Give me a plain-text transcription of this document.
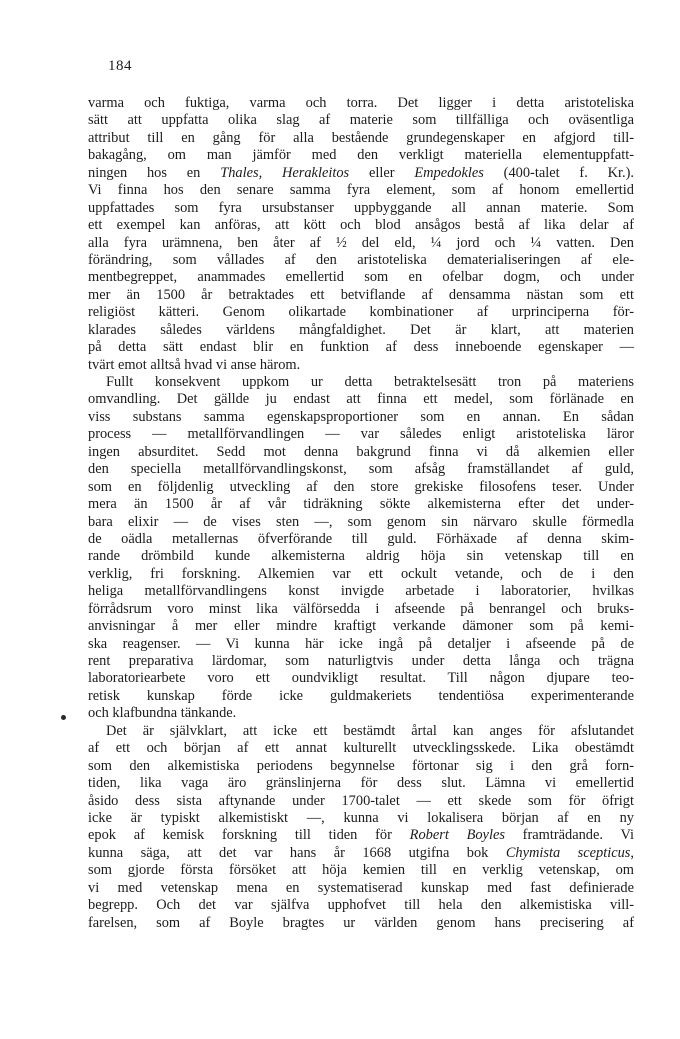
184
varma och fuktiga, varma och torra. Det ligger i detta aristoteliska
sätt att uppfatta olika slag af materie som tillfälliga och oväsentliga
attribut till en gång för alla bestående grundegenskaper en afgjord till-
bakagång, om man jämför med den verkligt materiella elementuppfatt-
ningen hos en Thales, Herakleitos eller Empedokles (400-talet f. Kr.).
Vi finna hos den senare samma fyra element, som af honom emellertid
uppfattades som fyra ursubstanser uppbyggande all annan materie. Som
ett exempel kan anföras, att kött och blod ansågos bestå af lika delar af
alla fyra urämnena, ben åter af ½ del eld, ¼ jord och ¼ vatten. Den
förändring, som vållades af den aristoteliska dematerialiseringen af ele-
mentbegreppet, anammades emellertid som en ofelbar dogm, och under
mer än 1500 år betraktades ett betviflande af densamma nästan som ett
religiöst kätteri. Genom olikartade kombinationer af urprinciperna för-
klarades således världens mångfaldighet. Det är klart, att materien
på detta sätt endast blir en funktion af dess inneboende egenskaper —
tvärt emot alltså hvad vi anse härom.
Fullt konsekvent uppkom ur detta betraktelsesätt tron på materiens
omvandling. Det gällde ju endast att finna ett medel, som förlänade en
viss substans samma egenskapsproportioner som en annan. En sådan
process — metallförvandlingen — var således enligt aristoteliska läror
ingen absurditet. Sedd mot denna bakgrund finna vi då alkemien eller
den speciella metallförvandlingskonst, som afsåg framställandet af guld,
som en följdenlig utveckling af den store grekiske filosofens teser. Under
mera än 1500 år af vår tidräkning sökte alkemisterna efter det under-
bara elixir — de vises sten —, som genom sin närvaro skulle förmedla
de oädla metallernas öfverförande till guld. Förhäxade af denna skim-
rande drömbild kunde alkemisterna aldrig höja sin vetenskap till en
verklig, fri forskning. Alkemien var ett ockult vetande, och de i den
heliga metallförvandlingens konst invigde arbetade i laboratorier, hvilkas
förrådsrum voro minst lika välförsedda i afseende på benrangel och bruks-
anvisningar å mer eller mindre kraftigt verkande dämoner som på kemi-
ska reagenser. — Vi kunna här icke ingå på detaljer i afseende på de
rent preparativa lärdomar, som naturligtvis under detta långa och trägna
laboratoriearbete voro ett oundvikligt resultat. Till någon djupare teo-
retisk kunskap förde icke guldmakeriets tendentiösa experimenterande
och klafbundna tänkande.
Det är självklart, att icke ett bestämdt årtal kan anges för afslutandet
af ett och början af ett annat kulturellt utvecklingsskede. Lika obestämdt
som den alkemistiska periodens begynnelse förtonar sig i den grå forn-
tiden, lika vaga äro gränslinjerna för dess slut. Lämna vi emellertid
åsido dess sista aftynande under 1700-talet — ett skede som för öfrigt
icke är typiskt alkemistiskt —, kunna vi lokalisera början af en ny
epok af kemisk forskning till tiden för Robert Boyles framträdande. Vi
kunna säga, att det var hans år 1668 utgifna bok Chymista scepticus,
som gjorde första försöket att höja kemien till en verklig vetenskap, om
vi med vetenskap mena en systematiserad kunskap med fast definierade
begrepp. Och det var själfva upphofvet till hela den alkemistiska vill-
farelsen, som af Boyle bragtes ur världen genom hans precisering af
